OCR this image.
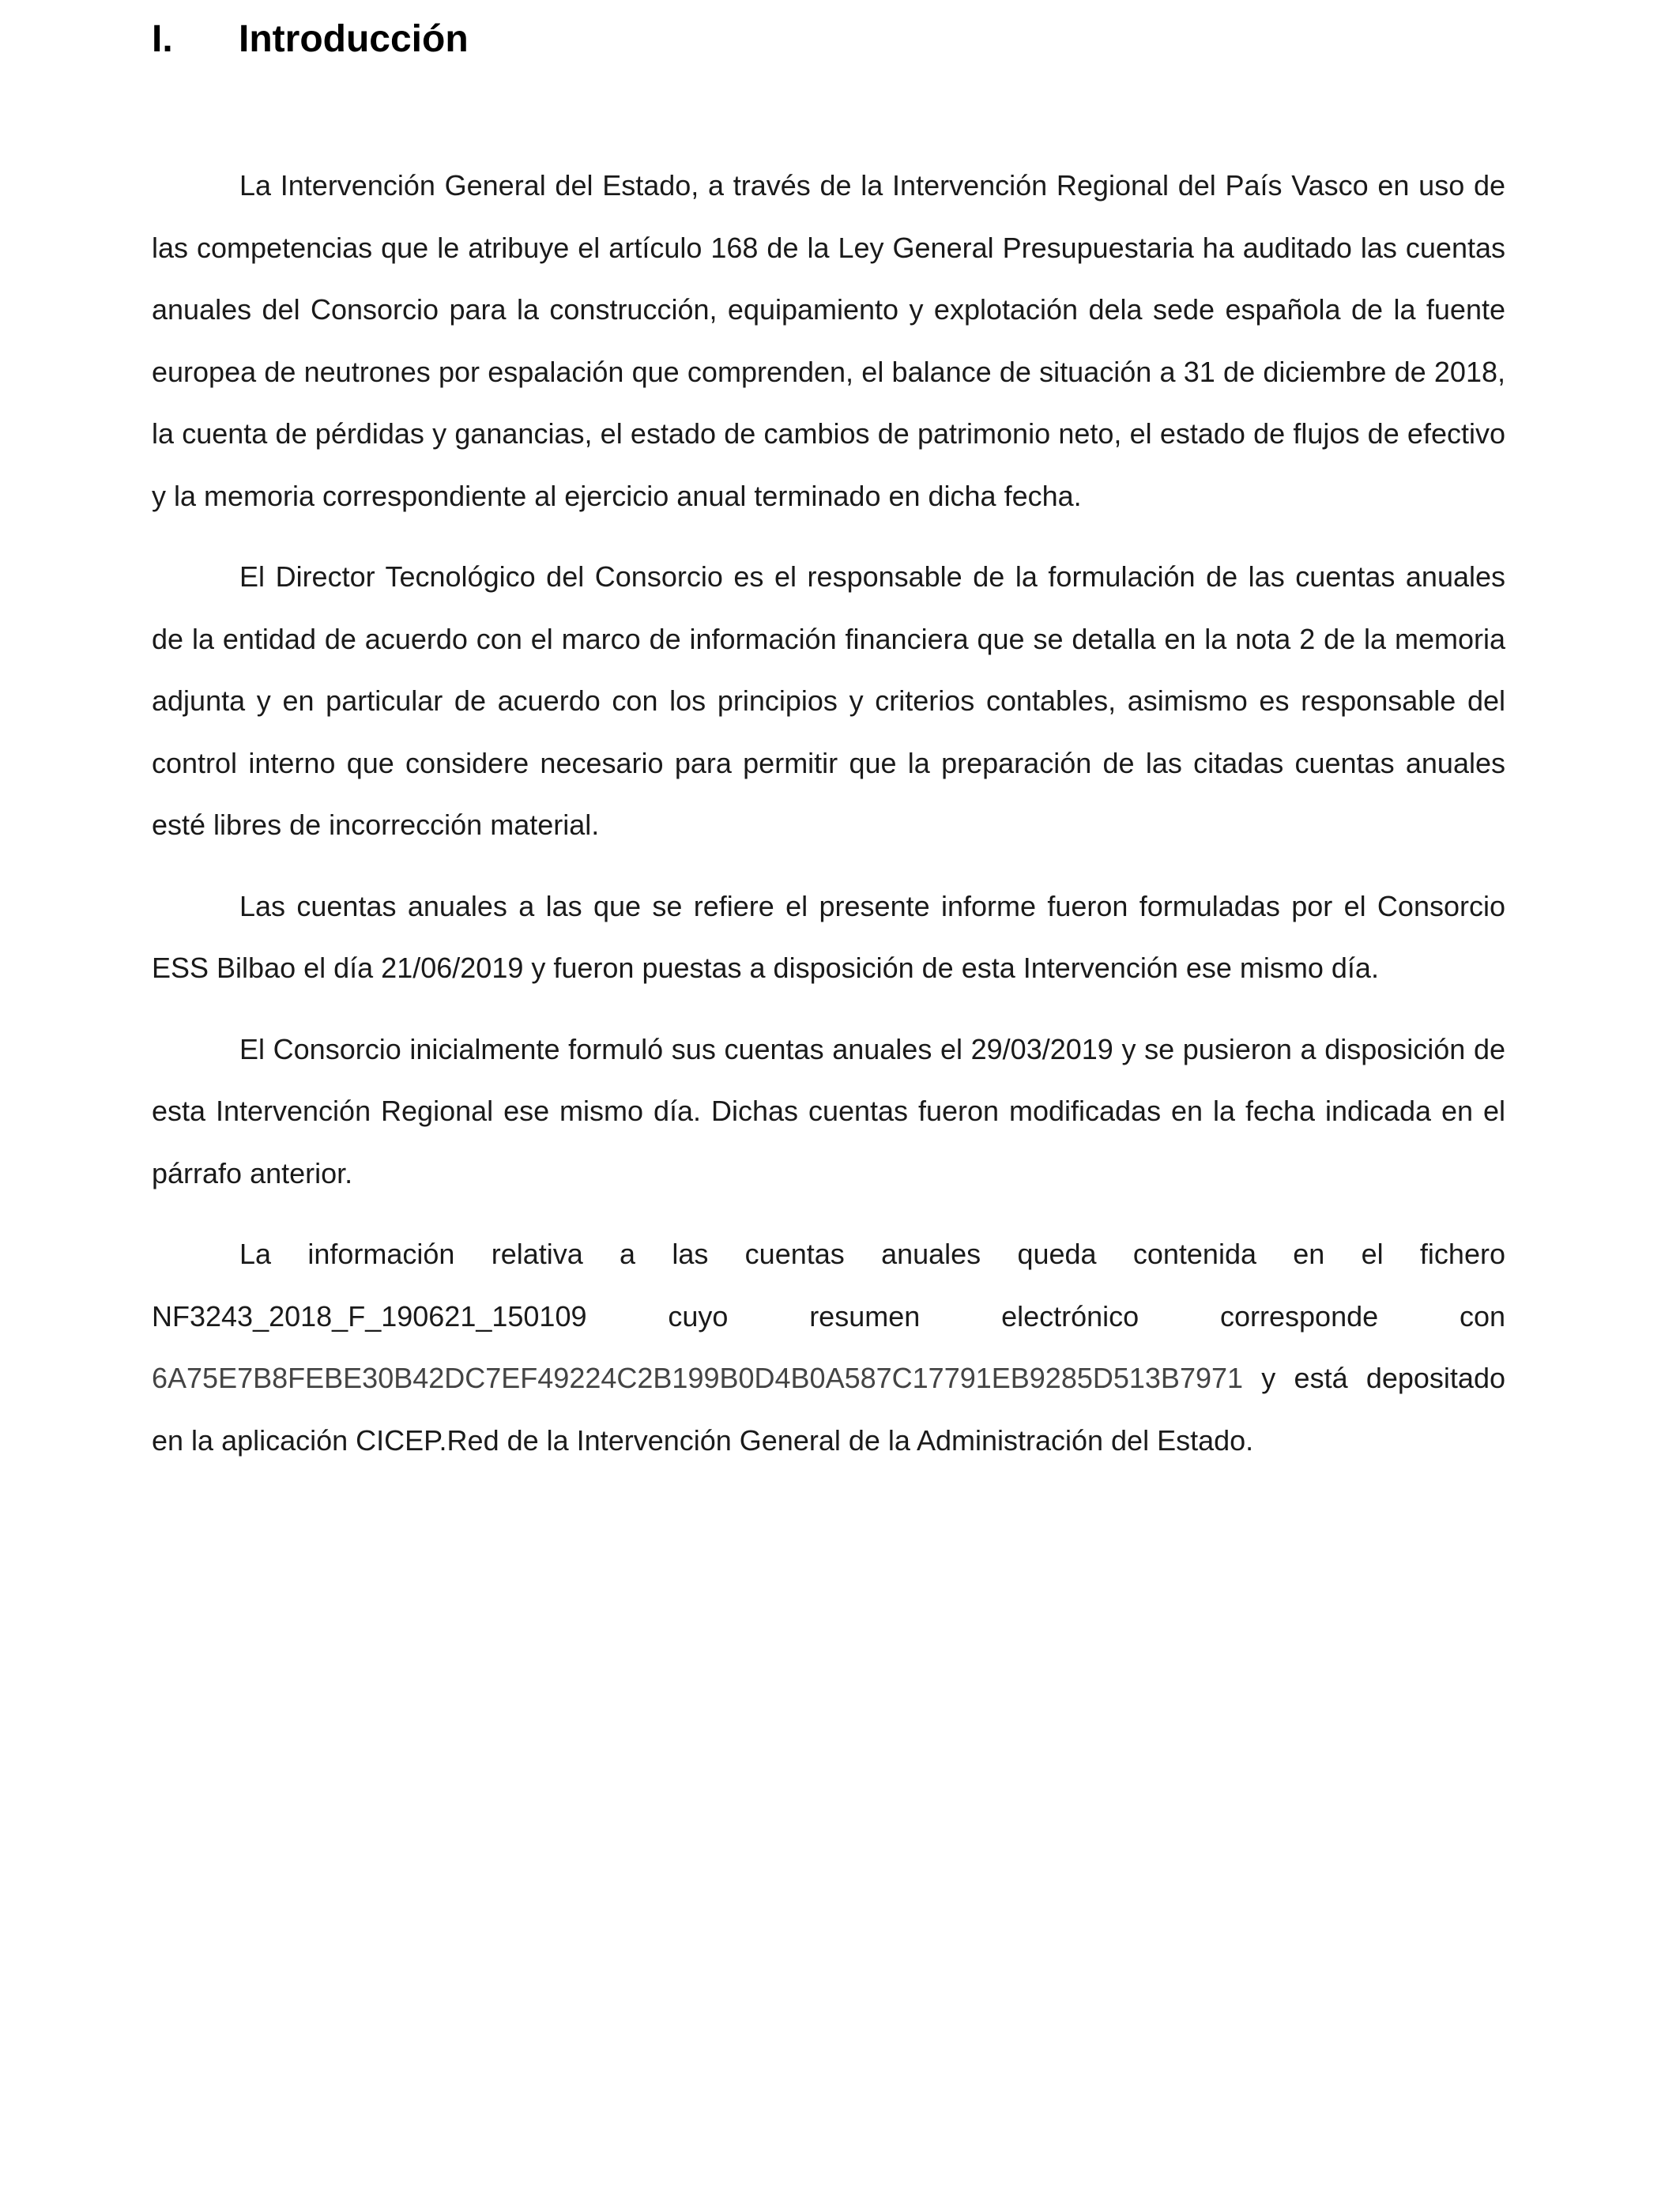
I.	Introducción

La Intervención General del Estado, a través de la Intervención Regional del País Vasco en uso de las competencias que le atribuye el artículo 168 de la Ley General Presupuestaria ha auditado las cuentas anuales del Consorcio para la construcción, equipamiento y explotación dela sede española de la fuente europea de neutrones por espalación que comprenden, el balance de situación a 31 de diciembre de 2018, la cuenta de pérdidas y ganancias, el estado de cambios de patrimonio neto, el estado de flujos de efectivo y la memoria correspondiente al ejercicio anual terminado en dicha fecha.

El Director Tecnológico del Consorcio es el responsable de la formulación de las cuentas anuales de la entidad de acuerdo con el marco de información financiera que se detalla en la nota 2 de la memoria adjunta y en particular de acuerdo con los principios y criterios contables, asimismo es responsable del control interno que considere necesario para permitir que la preparación de las citadas cuentas anuales esté libres de incorrección material.

Las cuentas anuales a las que se refiere el presente informe fueron formuladas por el Consorcio ESS Bilbao el día 21/06/2019 y fueron puestas a disposición de esta Intervención ese mismo día.

El Consorcio inicialmente formuló sus cuentas anuales el 29/03/2019 y se pusieron a disposición de esta Intervención Regional ese mismo día. Dichas cuentas fueron modificadas en la fecha indicada en el párrafo anterior.

La información relativa a las cuentas anuales queda contenida en el fichero NF3243_2018_F_190621_150109 cuyo resumen electrónico corresponde con 6A75E7B8FEBE30B42DC7EF49224C2B199B0D4B0A587C17791EB9285D513B7971 y está depositado en la aplicación CICEP.Red de la Intervención General de la Administración del Estado.
